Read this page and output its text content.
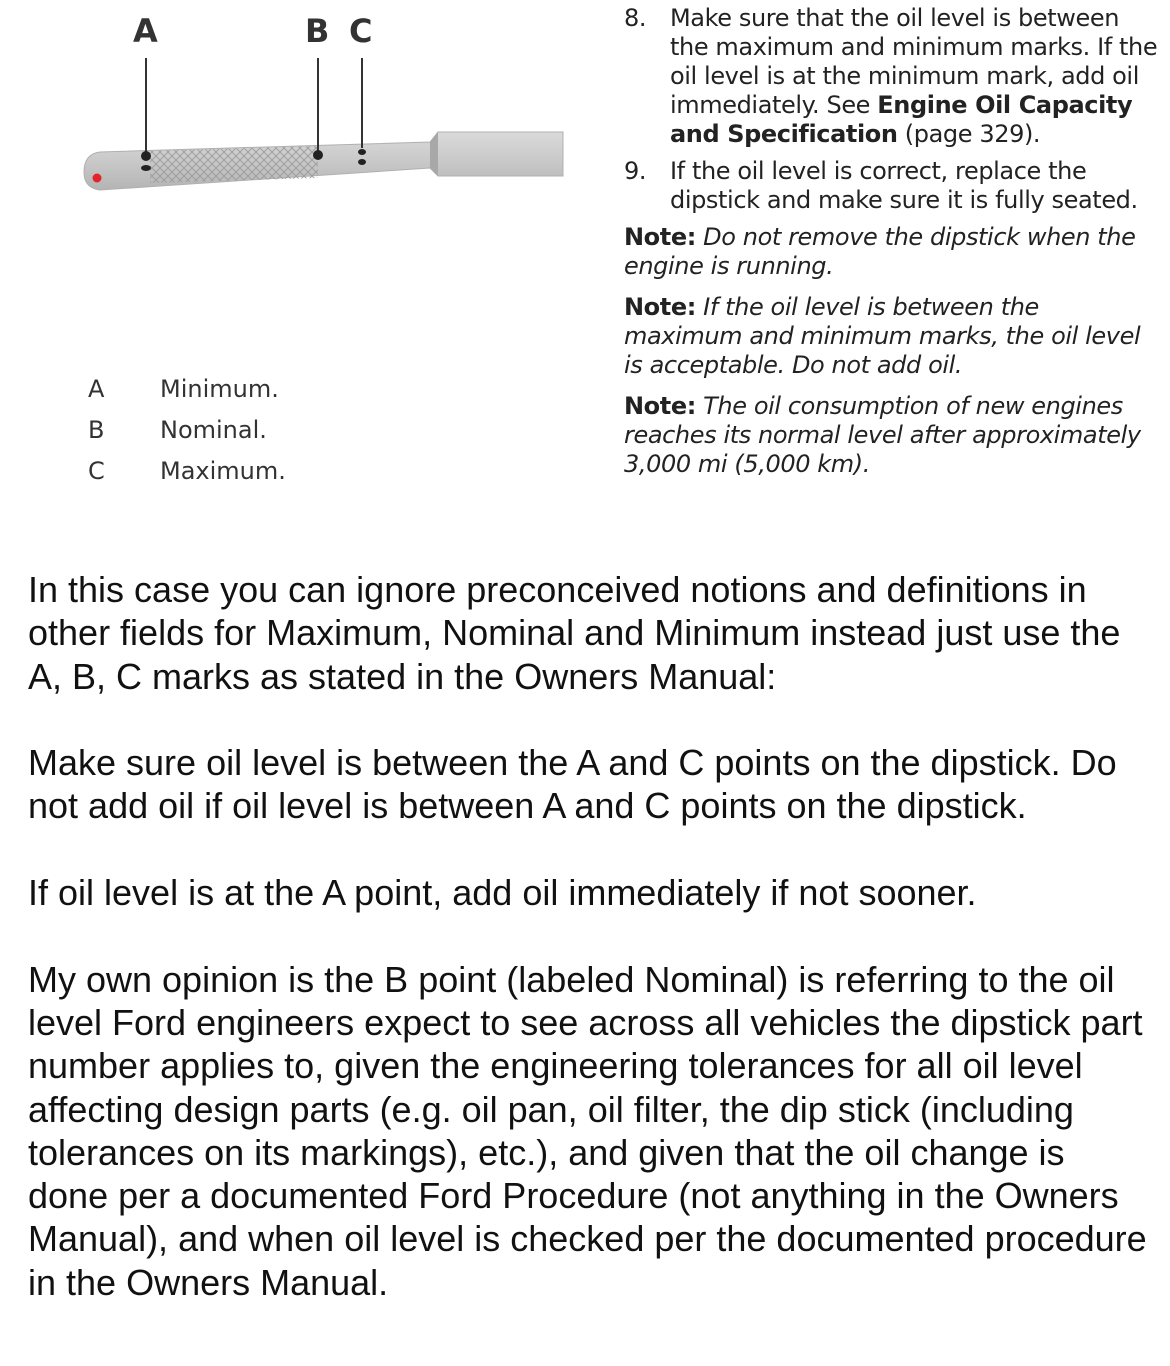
A	B C
A	Minimum.
B	Nominal.
C	Maximum.
8. Make sure that the oil level is between the maximum and minimum marks. If the oil level is at the minimum mark, add oil immediately. See Engine Oil Capacity and Specification (page 329).
9. If the oil level is correct, replace the dipstick and make sure it is fully seated.
Note: Do not remove the dipstick when the engine is running.
Note: If the oil level is between the maximum and minimum marks, the oil level is acceptable. Do not add oil.
Note: The oil consumption of new engines reaches its normal level after approximately 3,000 mi (5,000 km).

In this case you can ignore preconceived notions and definitions in other fields for Maximum, Nominal and Minimum instead just use the A, B, C marks as stated in the Owners Manual:

Make sure oil level is between the A and C points on the dipstick. Do not add oil if oil level is between A and C points on the dipstick.

If oil level is at the A point, add oil immediately if not sooner.

My own opinion is the B point (labeled Nominal) is referring to the oil level Ford engineers expect to see across all vehicles the dipstick part number applies to, given the engineering tolerances for all oil level affecting design parts (e.g. oil pan, oil filter, the dip stick (including tolerances on its markings), etc.), and given that the oil change is done per a documented Ford Procedure (not anything in the Owners Manual), and when oil level is checked per the documented procedure in the Owners Manual.
